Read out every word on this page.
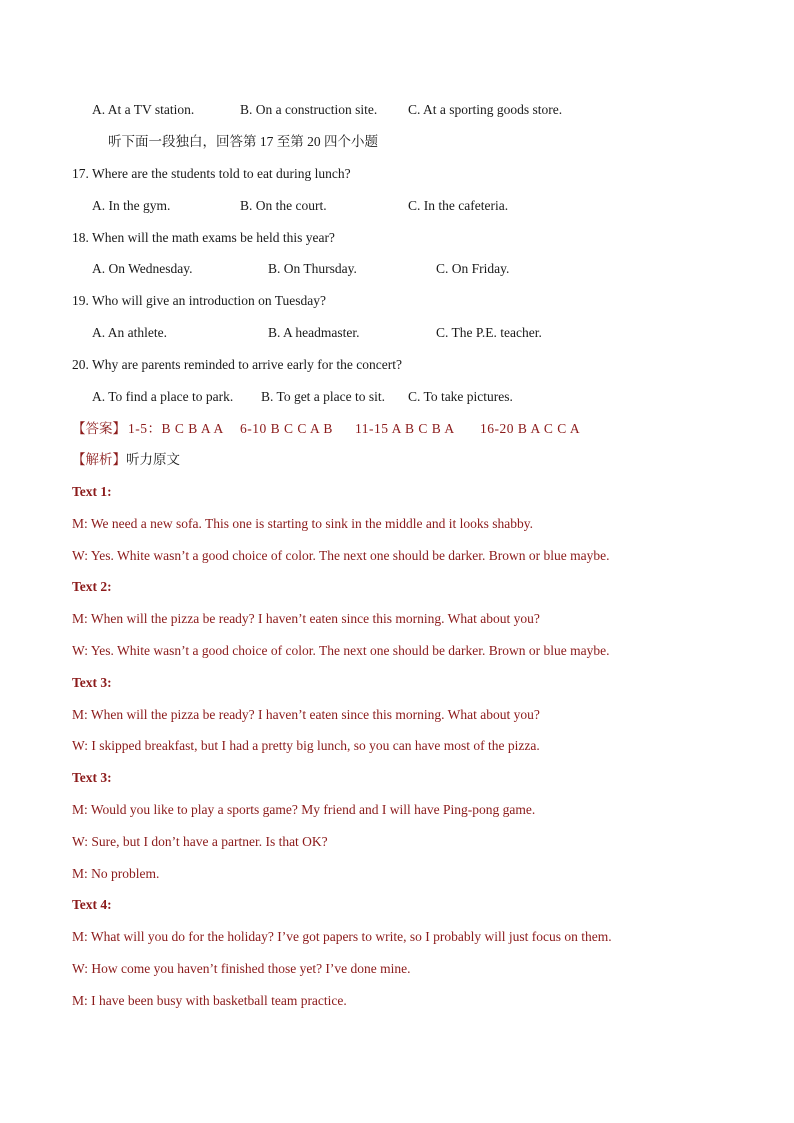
A. At a TV station.	B. On a construction site. C. At a sporting goods store.
听下面一段独白，回答第 17 至第 20 四个小题
17. Where are the students told to eat during lunch?
A. In the gym.	B. On the court.	C. In the cafeteria.
18. When will the math exams be held this year?
A. On Wednesday.	B. On Thursday.	C. On Friday.
19. Who will give an introduction on Tuesday?
A. An athlete.	B. A headmaster.	C. The P.E. teacher.
20. Why are parents reminded to arrive early for the concert?
A. To find a place to park. B. To get a place to sit. C. To take pictures.
【答案】 1-5：B C B A A 6-10 B C C A B 11-15 A B C B A 16-20 B A C C A
【解析】听力原文
Text 1:
M: We need a new sofa. This one is starting to sink in the middle and it looks shabby.
W: Yes. White wasn’t a good choice of color. The next one should be darker. Brown or blue maybe.
Text 2:
M: When will the pizza be ready? I haven’t eaten since this morning. What about you?
W: Yes. White wasn’t a good choice of color. The next one should be darker. Brown or blue maybe.
Text 3:
M: When will the pizza be ready? I haven’t eaten since this morning. What about you?
W: I skipped breakfast, but I had a pretty big lunch, so you can have most of the pizza.
Text 3:
M: Would you like to play a sports game? My friend and I will have Ping-pong game.
W: Sure, but I don’t have a partner. Is that OK?
M: No problem.
Text 4:
M: What will you do for the holiday? I’ve got papers to write, so I probably will just focus on them.
W: How come you haven’t finished those yet? I’ve done mine.
M: I have been busy with basketball team practice.
